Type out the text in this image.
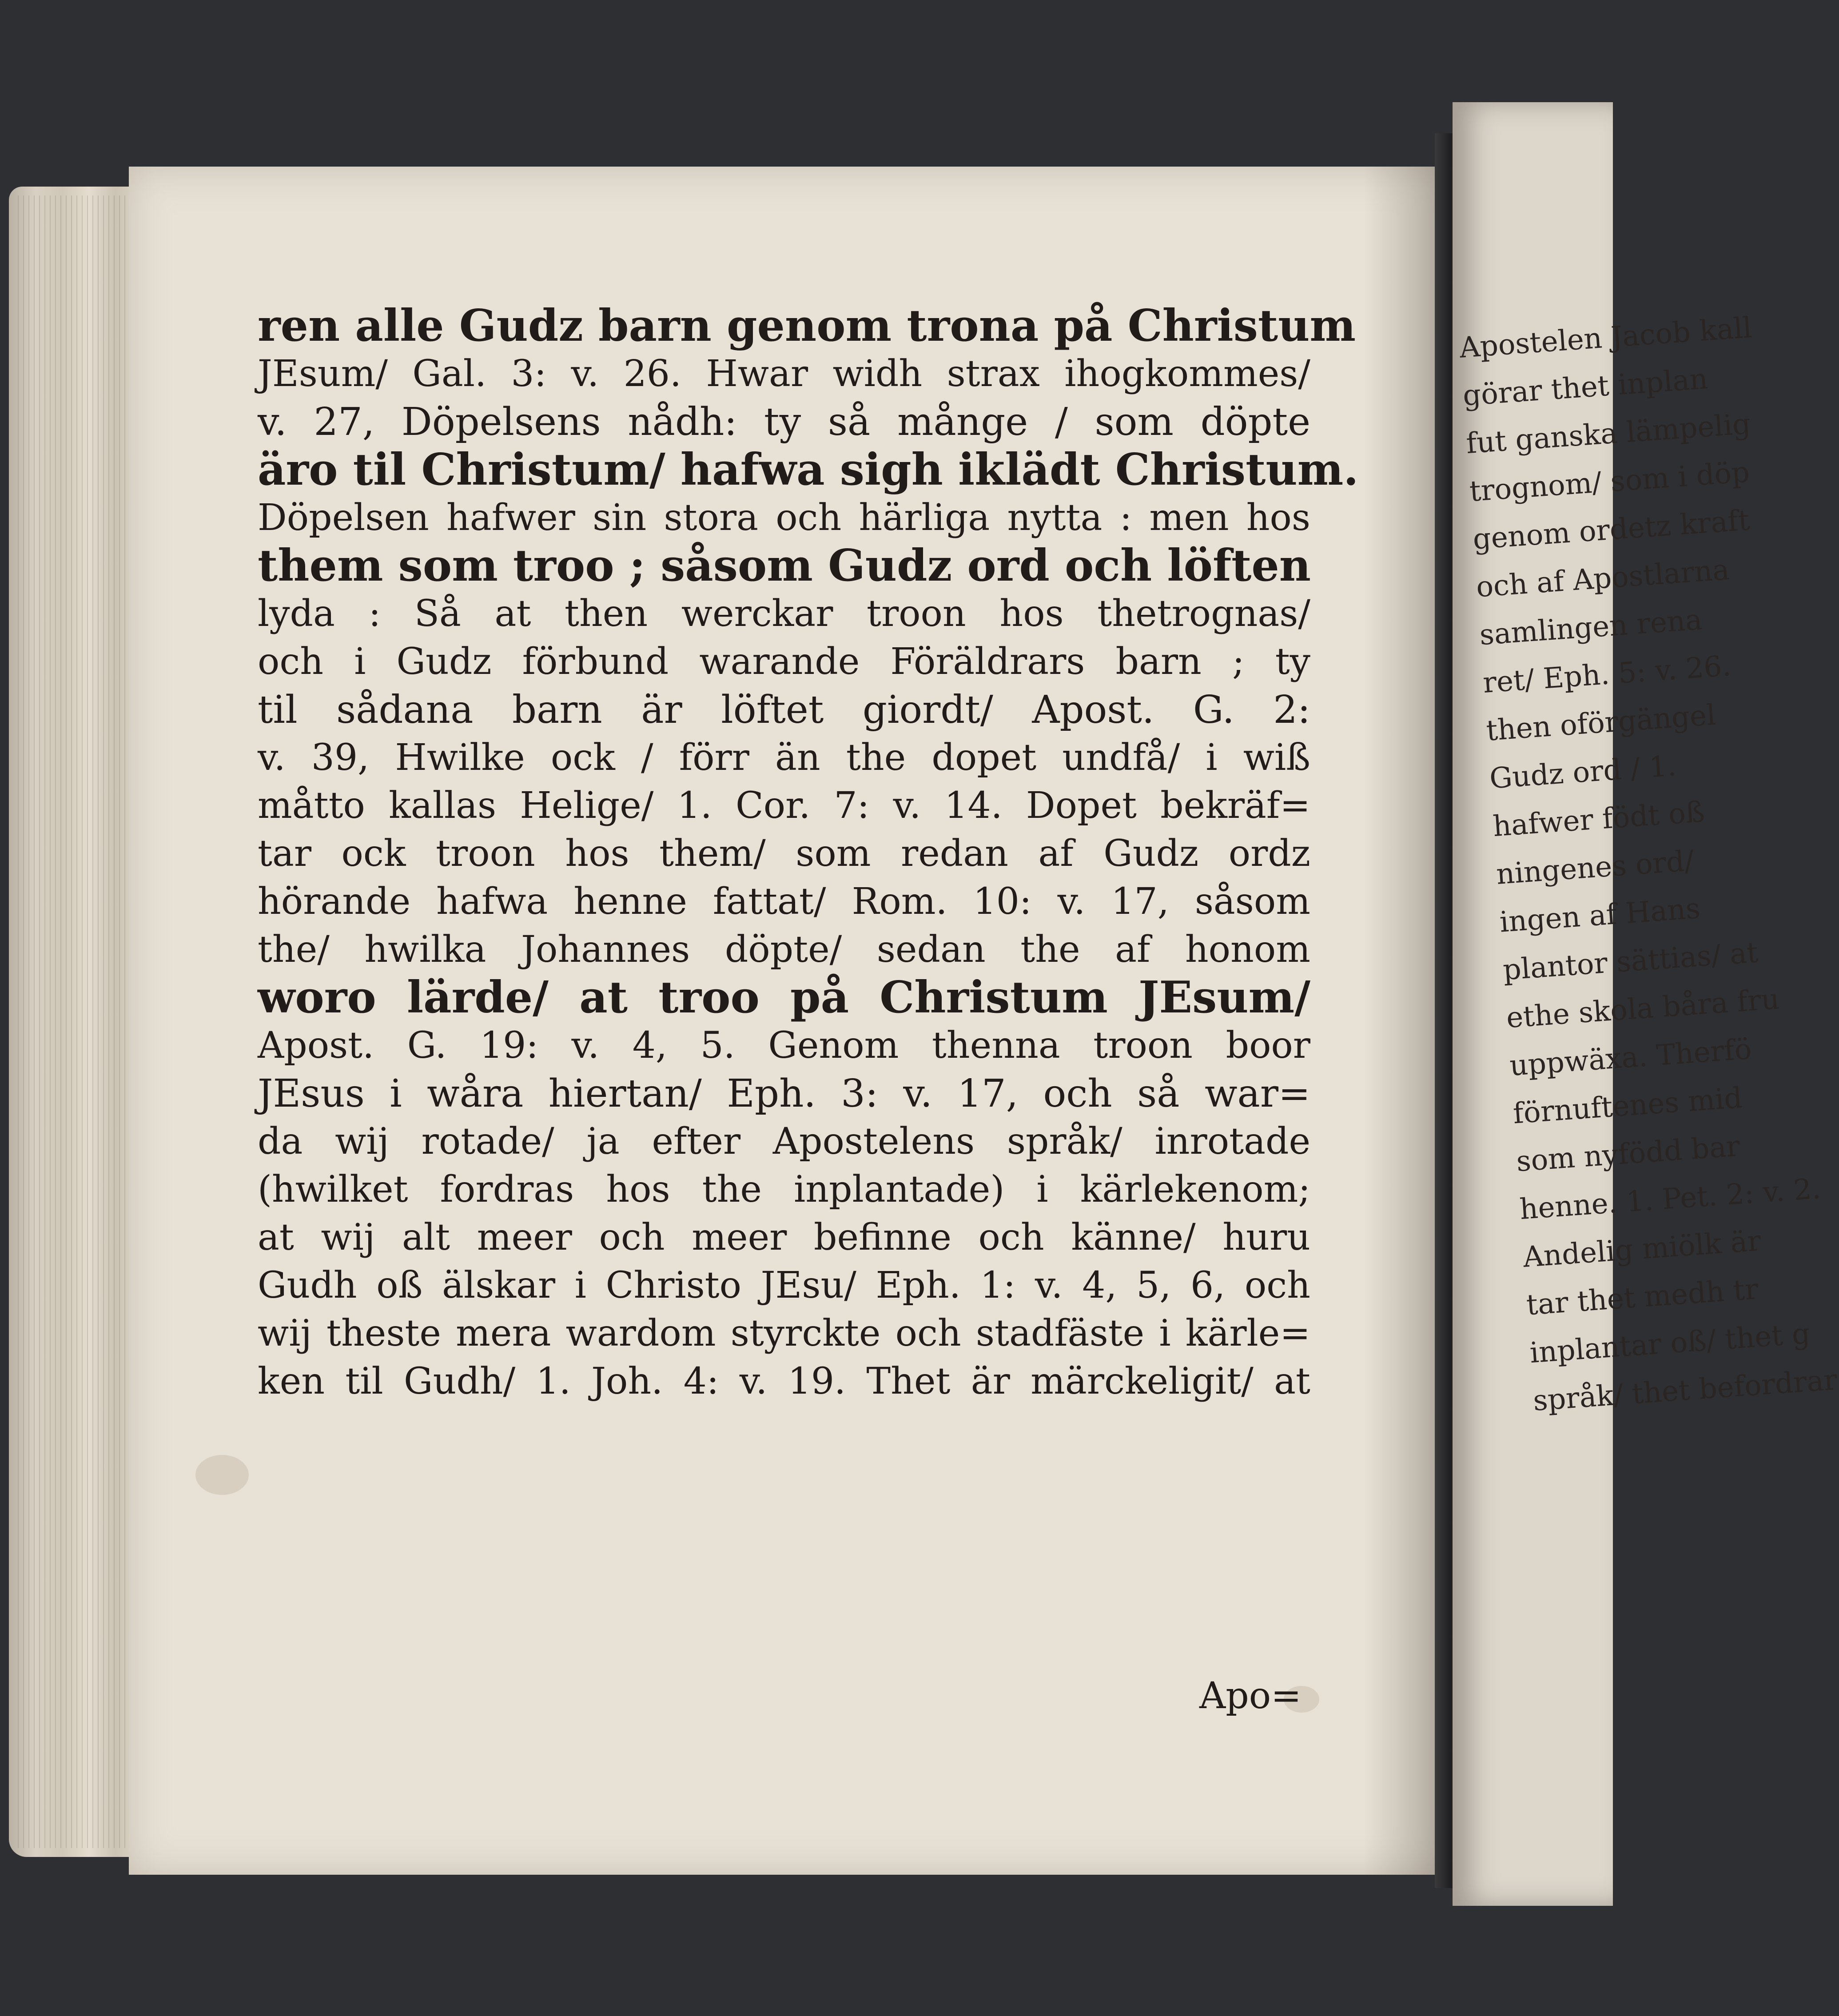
Apostelen Jacob kall
görar thet inplan
fut ganska lämpelig
trognom/ som i döp
genom ordetz kraft
och af Apostlarna
samlingen rena
ret/ Eph. 5: v. 26.
then oförgängel
Gudz ord / 1.
hafwer födt oß
ningenes ord/
ingen af Hans
plantor sättias/ at
ethe skola båra fru
uppwäxa. Therfö
förnuftenes mid
som nyfödd bar
henne. 1. Pet. 2: v. 2.
Andelig miölk är
tar thet medh tr
inplantar oß/ thet g
språk/ thet befordrar
ren alle Gudz barn genom trona på Christum
JEsum/ Gal. 3: v. 26. Hwar widh strax ihogkommes/
v. 27, Döpelsens nådh: ty så månge / som döpte
äro til Christum/ hafwa sigh iklädt Christum.
Döpelsen hafwer sin stora och härliga nytta : men hos
them som troo ; såsom Gudz ord och löften
lyda : Så at then werckar troon hos thetrognas/
och i Gudz förbund warande Föräldrars barn ; ty
til sådana barn är löftet giordt/ Apost. G. 2:
v. 39, Hwilke ock / förr än the dopet undfå/ i wiß
måtto kallas Helige/ 1. Cor. 7: v. 14. Dopet bekräf=
tar ock troon hos them/ som redan af Gudz ordz
hörande hafwa henne fattat/ Rom. 10: v. 17, såsom
the/ hwilka Johannes döpte/ sedan the af honom
woro lärde/ at troo på Christum JEsum/
Apost. G. 19: v. 4, 5. Genom thenna troon boor
JEsus i wåra hiertan/ Eph. 3: v. 17, och så war=
da wij rotade/ ja efter Apostelens språk/ inrotade
(hwilket fordras hos the inplantade) i kärlekenom;
at wij alt meer och meer befinne och känne/ huru
Gudh oß älskar i Christo JEsu/ Eph. 1: v. 4, 5, 6, och
wij theste mera wardom styrckte och stadfäste i kärle=
ken til Gudh/ 1. Joh. 4: v. 19. Thet är märckeligit/ at
Apo=
